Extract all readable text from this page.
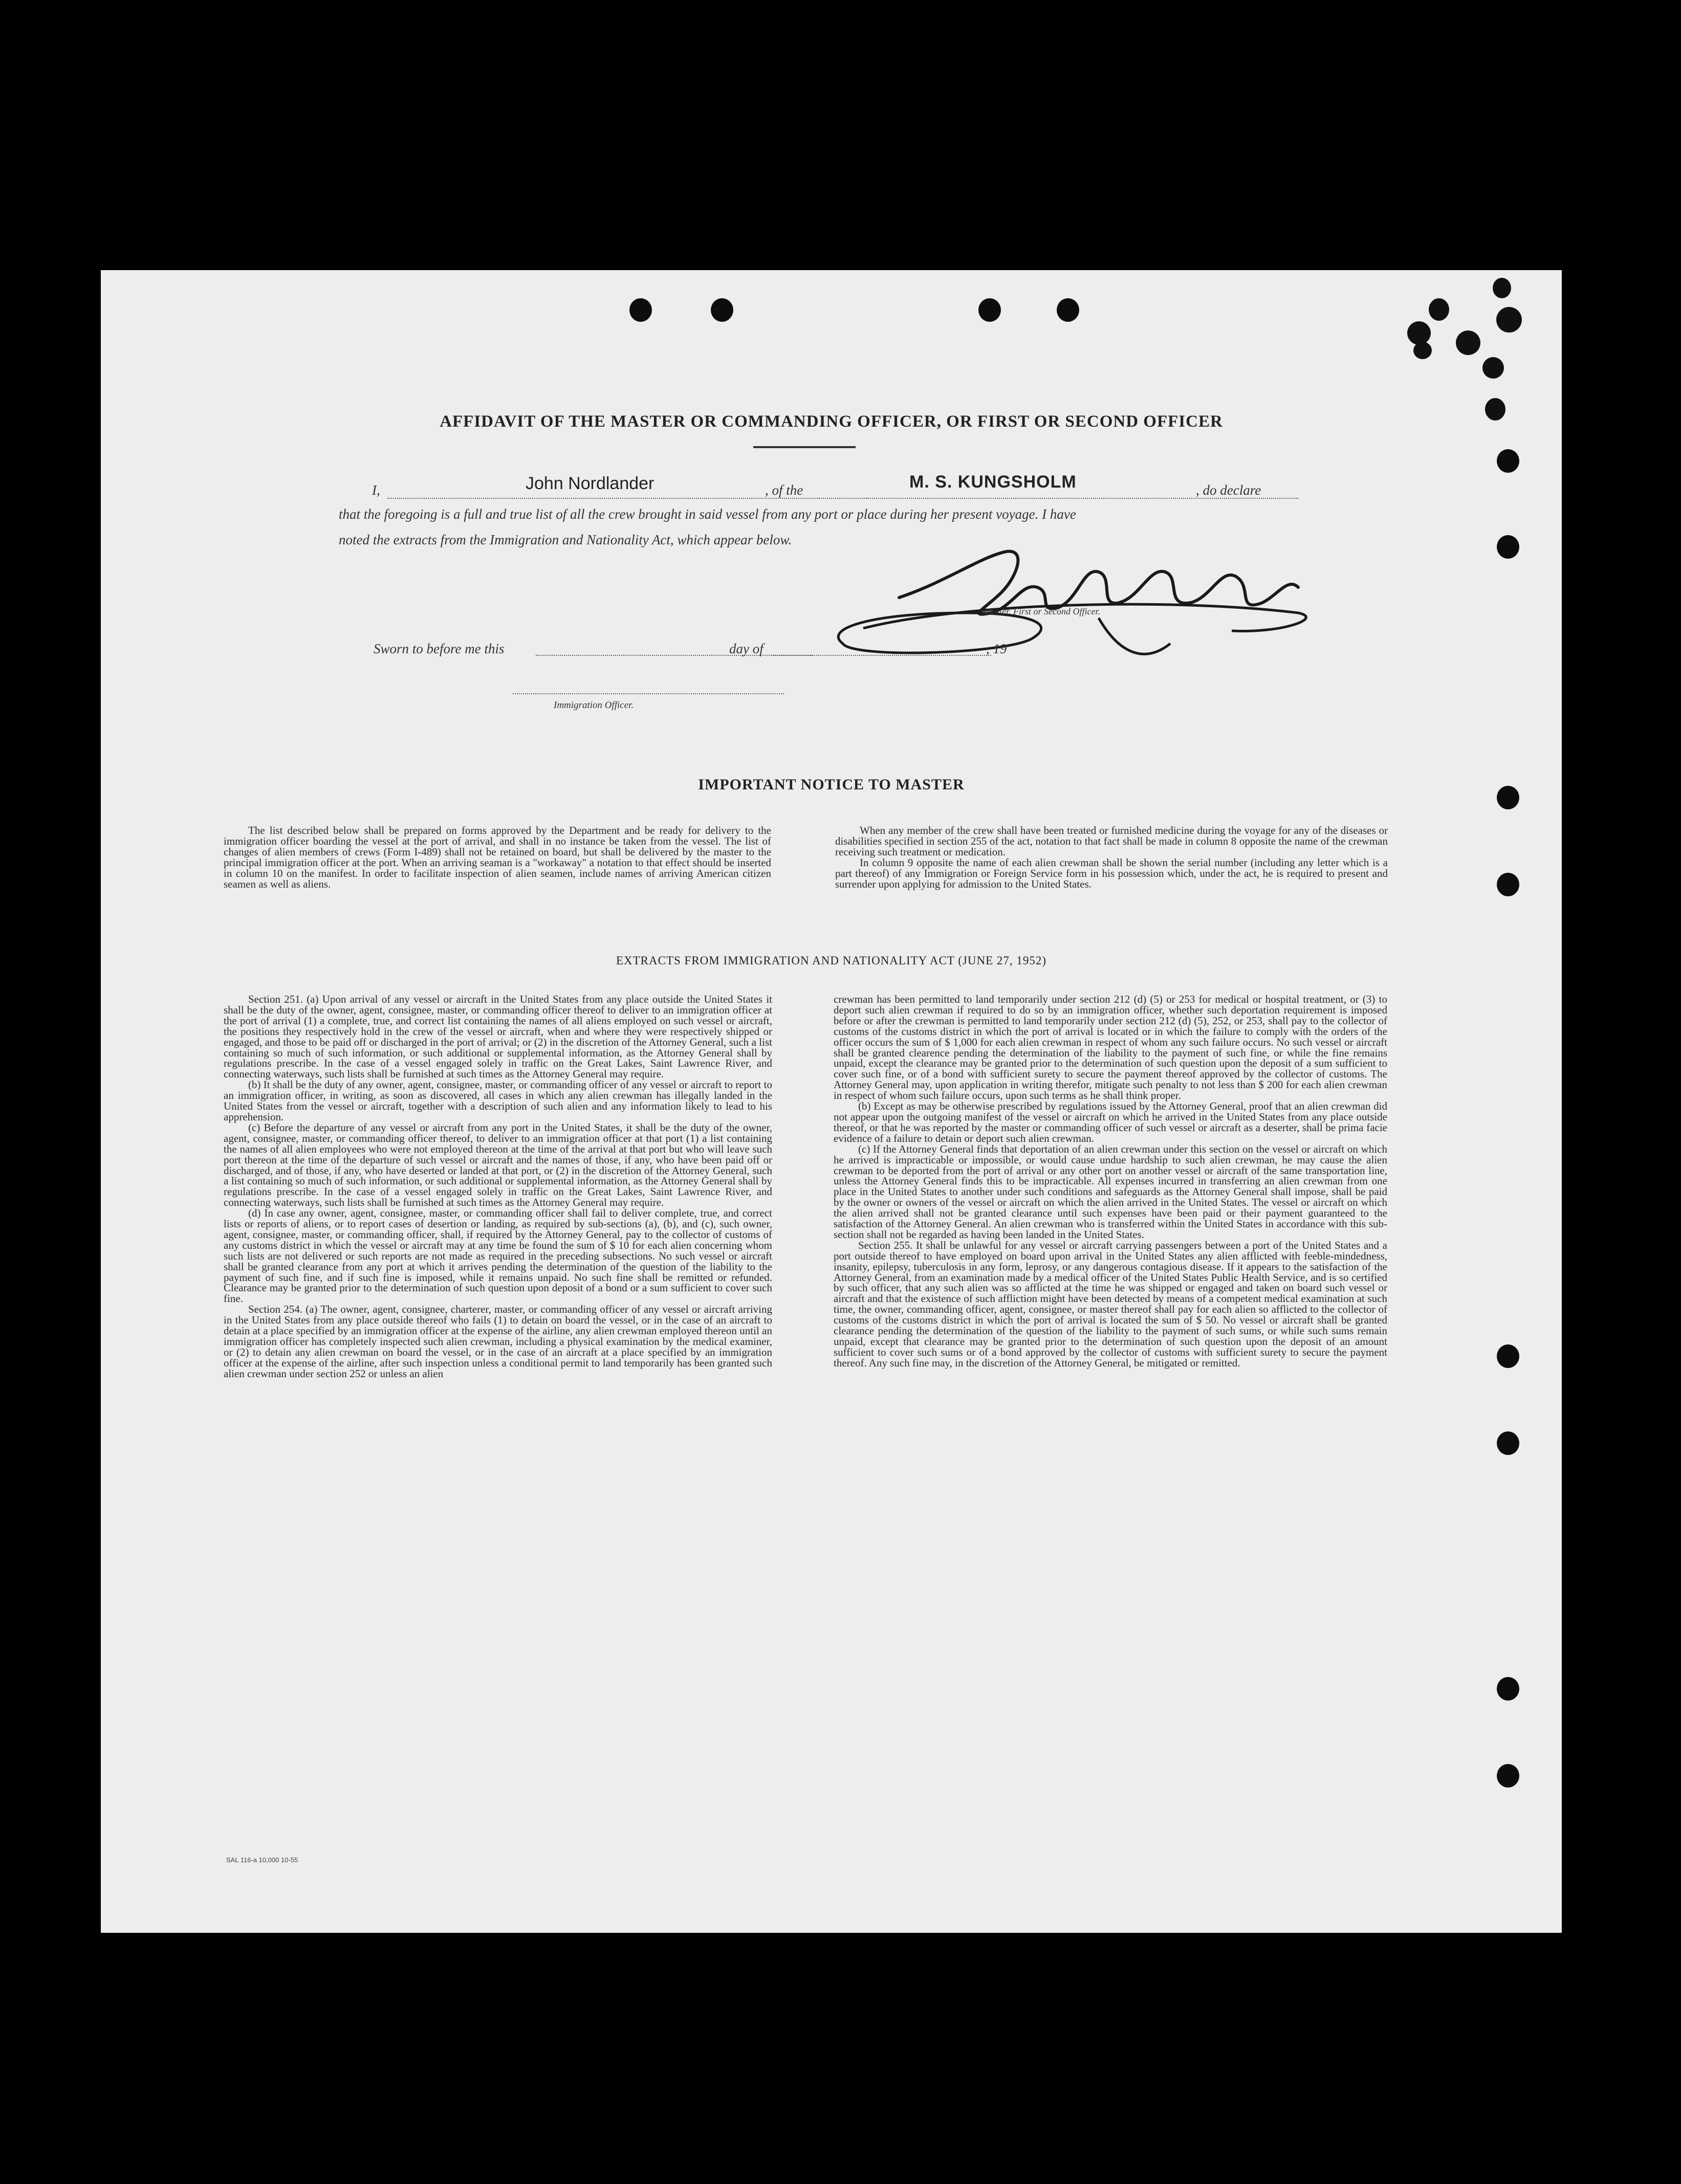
AFFIDAVIT OF THE MASTER OR COMMANDING OFFICER, OR FIRST OR SECOND OFFICER
I,	John Nordlander	, of the	M. S. KUNGSHOLM	, do declare
that the foregoing is a full and true list of all the crew brought in said vessel from any port or place during her present voyage. I have
noted the extracts from the Immigration and Nationality Act, which appear below.
Master, First or Second Officer.
Sworn to before me this	day of	, 19
Immigration Officer.
IMPORTANT NOTICE TO MASTER

The list described below shall be prepared on forms approved by the Department and be ready for delivery to the immigration officer boarding the vessel at the port of arrival, and shall in no instance be taken from the vessel. The list of changes of alien members of crews (Form I-489) shall not be retained on board, but shall be delivered by the master to the principal immigration officer at the port. When an arriving seaman is a "workaway" a notation to that effect should be inserted in column 10 on the manifest. In order to facilitate inspection of alien seamen, include names of arriving American citizen seamen as well as aliens.

When any member of the crew shall have been treated or furnished medicine during the voyage for any of the diseases or disabilities specified in section 255 of the act, notation to that fact shall be made in column 8 opposite the name of the crewman receiving such treatment or medication.

In column 9 opposite the name of each alien crewman shall be shown the serial number (including any letter which is a part thereof) of any Immigration or Foreign Service form in his possession which, under the act, he is required to present and surrender upon applying for admission to the United States.

EXTRACTS FROM IMMIGRATION AND NATIONALITY ACT (JUNE 27, 1952)

Section 251. (a) Upon arrival of any vessel or aircraft in the United States from any place outside the United States it shall be the duty of the owner, agent, consignee, master, or commanding officer thereof to deliver to an immigration officer at the port of arrival (1) a complete, true, and correct list containing the names of all aliens employed on such vessel or aircraft, the positions they respectively hold in the crew of the vessel or aircraft, when and where they were respectively shipped or engaged, and those to be paid off or discharged in the port of arrival; or (2) in the discretion of the Attorney General, such a list containing so much of such information, or such additional or supplemental information, as the Attorney General shall by regulations prescribe. In the case of a vessel engaged solely in traffic on the Great Lakes, Saint Lawrence River, and connecting waterways, such lists shall be furnished at such times as the Attorney General may require.

(b) It shall be the duty of any owner, agent, consignee, master, or commanding officer of any vessel or aircraft to report to an immigration officer, in writing, as soon as discovered, all cases in which any alien crewman has illegally landed in the United States from the vessel or aircraft, together with a description of such alien and any information likely to lead to his apprehension.

(c) Before the departure of any vessel or aircraft from any port in the United States, it shall be the duty of the owner, agent, consignee, master, or commanding officer thereof, to deliver to an immigration officer at that port (1) a list containing the names of all alien employees who were not employed thereon at the time of the arrival at that port but who will leave such port thereon at the time of the departure of such vessel or aircraft and the names of those, if any, who have been paid off or discharged, and of those, if any, who have deserted or landed at that port, or (2) in the discretion of the Attorney General, such a list containing so much of such information, or such additional or supplemental information, as the Attorney General shall by regulations prescribe. In the case of a vessel engaged solely in traffic on the Great Lakes, Saint Lawrence River, and connecting waterways, such lists shall be furnished at such times as the Attorney General may require.

(d) In case any owner, agent, consignee, master, or commanding officer shall fail to deliver complete, true, and correct lists or reports of aliens, or to report cases of desertion or landing, as required by sub-sections (a), (b), and (c), such owner, agent, consignee, master, or commanding officer, shall, if required by the Attorney General, pay to the collector of customs of any customs district in which the vessel or aircraft may at any time be found the sum of $ 10 for each alien concerning whom such lists are not delivered or such reports are not made as required in the preceding subsections. No such vessel or aircraft shall be granted clearance from any port at which it arrives pending the determination of the question of the liability to the payment of such fine, and if such fine is imposed, while it remains unpaid. No such fine shall be remitted or refunded. Clearance may be granted prior to the determination of such question upon deposit of a bond or a sum sufficient to cover such fine.

Section 254. (a) The owner, agent, consignee, charterer, master, or commanding officer of any vessel or aircraft arriving in the United States from any place outside thereof who fails (1) to detain on board the vessel, or in the case of an aircraft to detain at a place specified by an immigration officer at the expense of the airline, any alien crewman employed thereon until an immigration officer has completely inspected such alien crewman, including a physical examination by the medical examiner, or (2) to detain any alien crewman on board the vessel, or in the case of an aircraft at a place specified by an immigration officer at the expense of the airline, after such inspection unless a conditional permit to land temporarily has been granted such alien crewman under section 252 or unless an alien

crewman has been permitted to land temporarily under section 212 (d) (5) or 253 for medical or hospital treatment, or (3) to deport such alien crewman if required to do so by an immigration officer, whether such deportation requirement is imposed before or after the crewman is permitted to land temporarily under section 212 (d) (5), 252, or 253, shall pay to the collector of customs of the customs district in which the port of arrival is located or in which the failure to comply with the orders of the officer occurs the sum of $ 1,000 for each alien crewman in respect of whom any such failure occurs. No such vessel or aircraft shall be granted clearence pending the determination of the liability to the payment of such fine, or while the fine remains unpaid, except the clearance may be granted prior to the determination of such question upon the deposit of a sum sufficient to cover such fine, or of a bond with sufficient surety to secure the payment thereof approved by the collector of customs. The Attorney General may, upon application in writing therefor, mitigate such penalty to not less than $ 200 for each alien crewman in respect of whom such failure occurs, upon such terms as he shall think proper.

(b) Except as may be otherwise prescribed by regulations issued by the Attorney General, proof that an alien crewman did not appear upon the outgoing manifest of the vessel or aircraft on which he arrived in the United States from any place outside thereof, or that he was reported by the master or commanding officer of such vessel or aircraft as a deserter, shall be prima facie evidence of a failure to detain or deport such alien crewman.

(c) If the Attorney General finds that deportation of an alien crewman under this section on the vessel or aircraft on which he arrived is impracticable or impossible, or would cause undue hardship to such alien crewman, he may cause the alien crewman to be deported from the port of arrival or any other port on another vessel or aircraft of the same transportation line, unless the Attorney General finds this to be impracticable. All expenses incurred in transferring an alien crewman from one place in the United States to another under such conditions and safeguards as the Attorney General shall impose, shall be paid by the owner or owners of the vessel or aircraft on which the alien arrived in the United States. The vessel or aircraft on which the alien arrived shall not be granted clearance until such expenses have been paid or their payment guaranteed to the satisfaction of the Attorney General. An alien crewman who is transferred within the United States in accordance with this sub-section shall not be regarded as having been landed in the United States.

Section 255. It shall be unlawful for any vessel or aircraft carrying passengers between a port of the United States and a port outside thereof to have employed on board upon arrival in the United States any alien afflicted with feeble-mindedness, insanity, epilepsy, tuberculosis in any form, leprosy, or any dangerous contagious disease. If it appears to the satisfaction of the Attorney General, from an examination made by a medical officer of the United States Public Health Service, and is so certified by such officer, that any such alien was so afflicted at the time he was shipped or engaged and taken on board such vessel or aircraft and that the existence of such affliction might have been detected by means of a competent medical examination at such time, the owner, commanding officer, agent, consignee, or master thereof shall pay for each alien so afflicted to the collector of customs of the customs district in which the port of arrival is located the sum of $ 50. No vessel or aircraft shall be granted clearance pending the determination of the question of the liability to the payment of such sums, or while such sums remain unpaid, except that clearance may be granted prior to the determination of such question upon the deposit of an amount sufficient to cover such sums or of a bond approved by the collector of customs with sufficient surety to secure the payment thereof. Any such fine may, in the discretion of the Attorney General, be mitigated or remitted.

SAL 116-a 10,000 10-55
